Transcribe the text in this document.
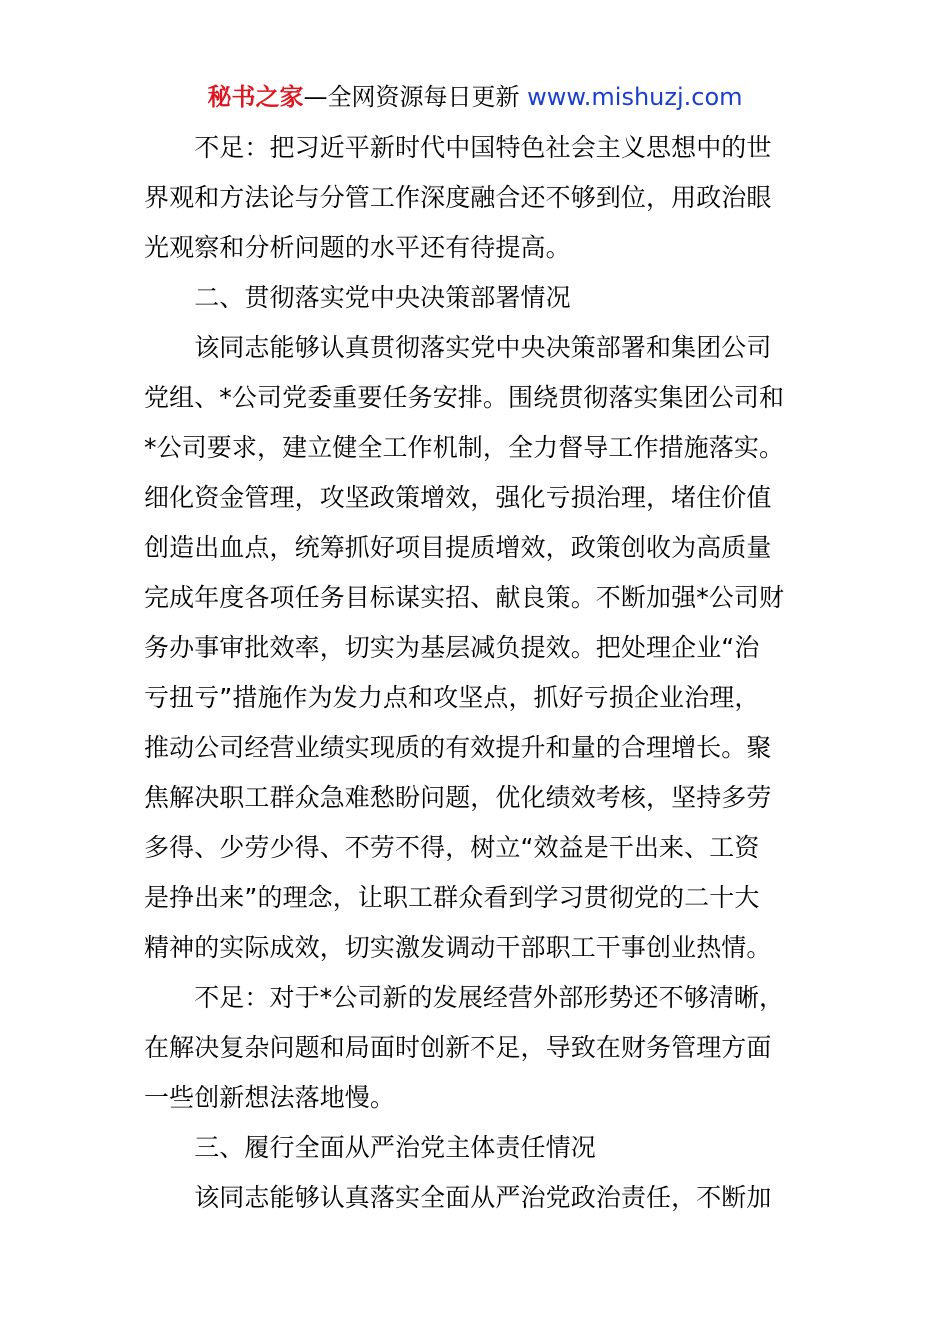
秘书之家—全网资源每日更新 www.mishuzj.com
　　不足：把习近平新时代中国特色社会主义思想中的世
界观和方法论与分管工作深度融合还不够到位，用政治眼
光观察和分析问题的水平还有待提高。
　　二、贯彻落实党中央决策部署情况
　　该同志能够认真贯彻落实党中央决策部署和集团公司
党组、*公司党委重要任务安排。围绕贯彻落实集团公司和
*公司要求，建立健全工作机制，全力督导工作措施落实。
细化资金管理，攻坚政策增效，强化亏损治理，堵住价值
创造出血点，统筹抓好项目提质增效，政策创收为高质量
完成年度各项任务目标谋实招、献良策。不断加强*公司财
务办事审批效率，切实为基层减负提效。把处理企业“治
亏扭亏”措施作为发力点和攻坚点，抓好亏损企业治理，
推动公司经营业绩实现质的有效提升和量的合理增长。聚
焦解决职工群众急难愁盼问题，优化绩效考核，坚持多劳
多得、少劳少得、不劳不得，树立“效益是干出来、工资
是挣出来”的理念，让职工群众看到学习贯彻党的二十大
精神的实际成效，切实激发调动干部职工干事创业热情。
　　不足：对于*公司新的发展经营外部形势还不够清晰，
在解决复杂问题和局面时创新不足，导致在财务管理方面
一些创新想法落地慢。
　　三、履行全面从严治党主体责任情况
　　该同志能够认真落实全面从严治党政治责任，不断加
